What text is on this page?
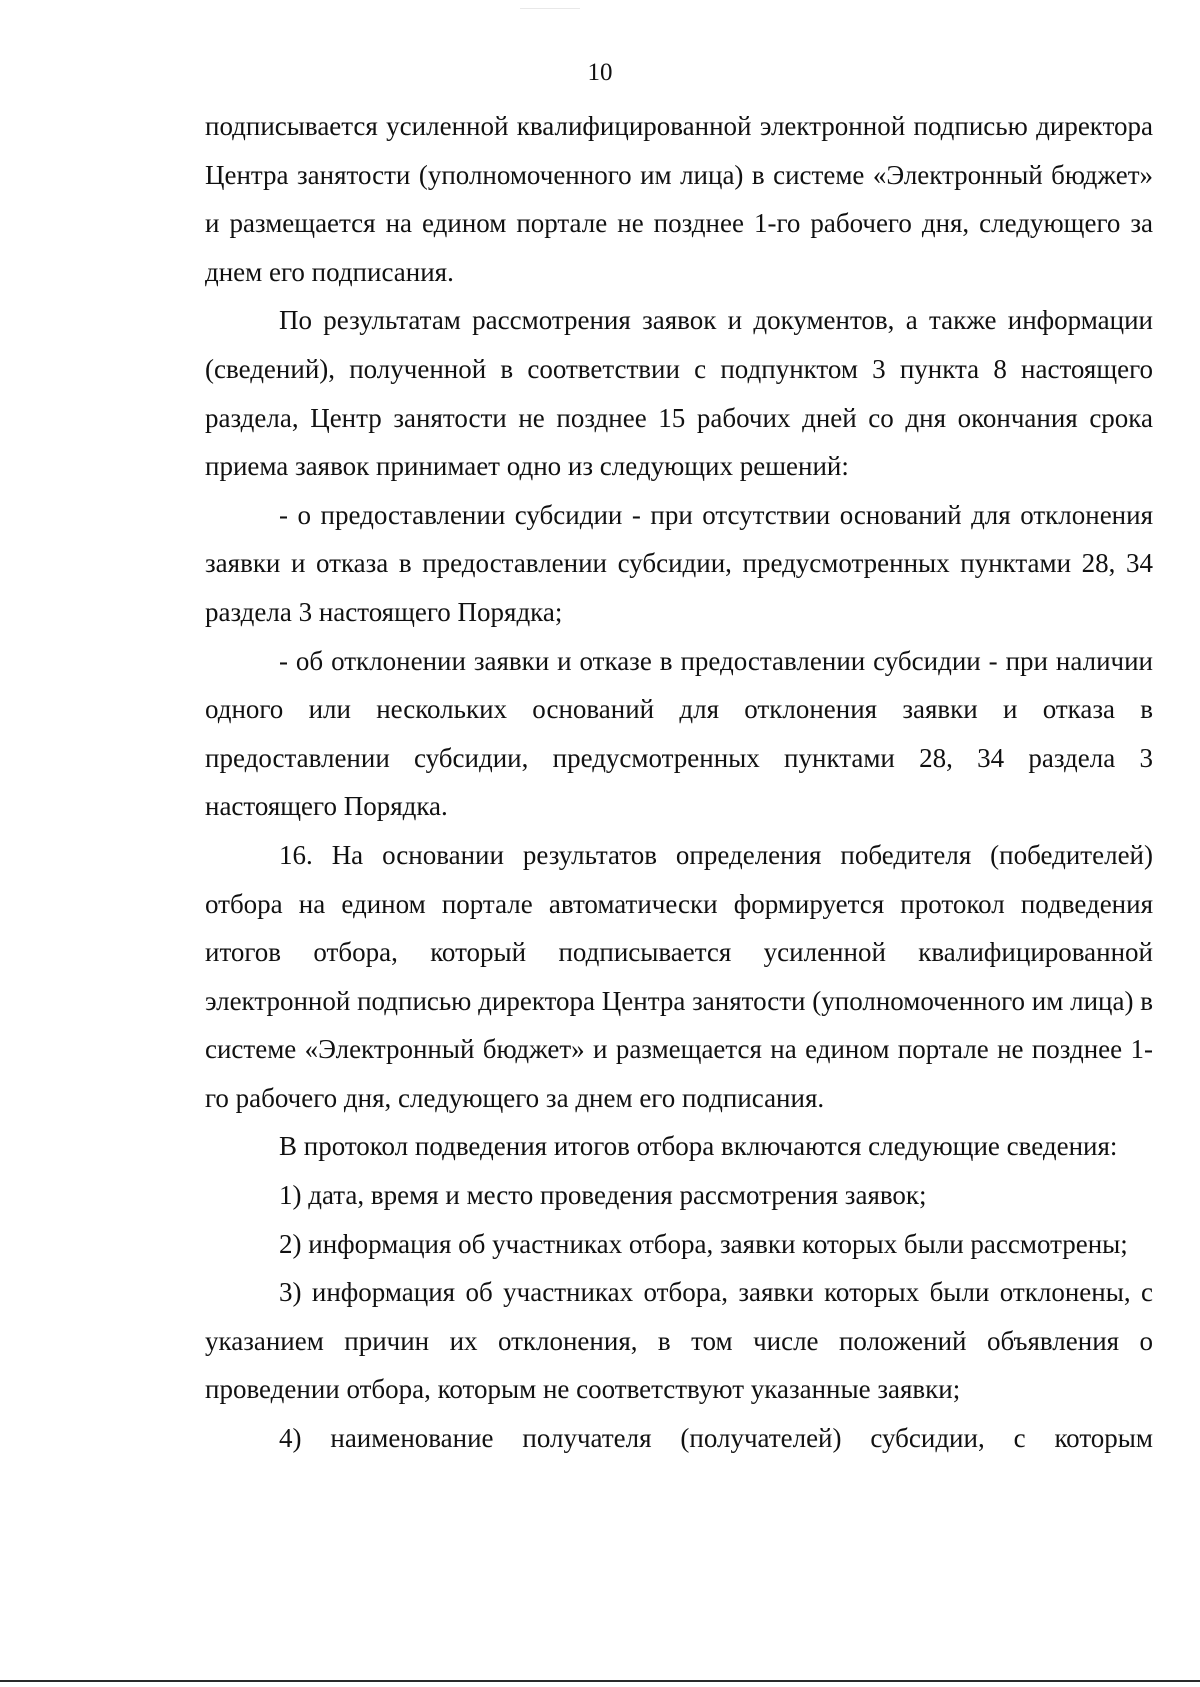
10

подписывается усиленной квалифицированной электронной подписью директора Центра занятости (уполномоченного им лица) в системе «Электронный бюджет» и размещается на едином портале не позднее 1-го рабочего дня, следующего за днем его подписания.

По результатам рассмотрения заявок и документов, а также информации (сведений), полученной в соответствии с подпунктом 3 пункта 8 настоящего раздела, Центр занятости не позднее 15 рабочих дней со дня окончания срока приема заявок принимает одно из следующих решений:

- о предоставлении субсидии - при отсутствии оснований для отклонения заявки и отказа в предоставлении субсидии, предусмотренных пунктами 28, 34 раздела 3 настоящего Порядка;

- об отклонении заявки и отказе в предоставлении субсидии - при наличии одного или нескольких оснований для отклонения заявки и отказа в предоставлении субсидии, предусмотренных пунктами 28, 34 раздела 3 настоящего Порядка.

16. На основании результатов определения победителя (победителей) отбора на едином портале автоматически формируется протокол подведения итогов отбора, который подписывается усиленной квалифицированной электронной подписью директора Центра занятости (уполномоченного им лица) в системе «Электронный бюджет» и размещается на едином портале не позднее 1-го рабочего дня, следующего за днем его подписания.

В протокол подведения итогов отбора включаются следующие сведения:

1) дата, время и место проведения рассмотрения заявок;

2) информация об участниках отбора, заявки которых были рассмотрены;

3) информация об участниках отбора, заявки которых были отклонены, с указанием причин их отклонения, в том числе положений объявления о проведении отбора, которым не соответствуют указанные заявки;

4) наименование получателя (получателей) субсидии, с которым
